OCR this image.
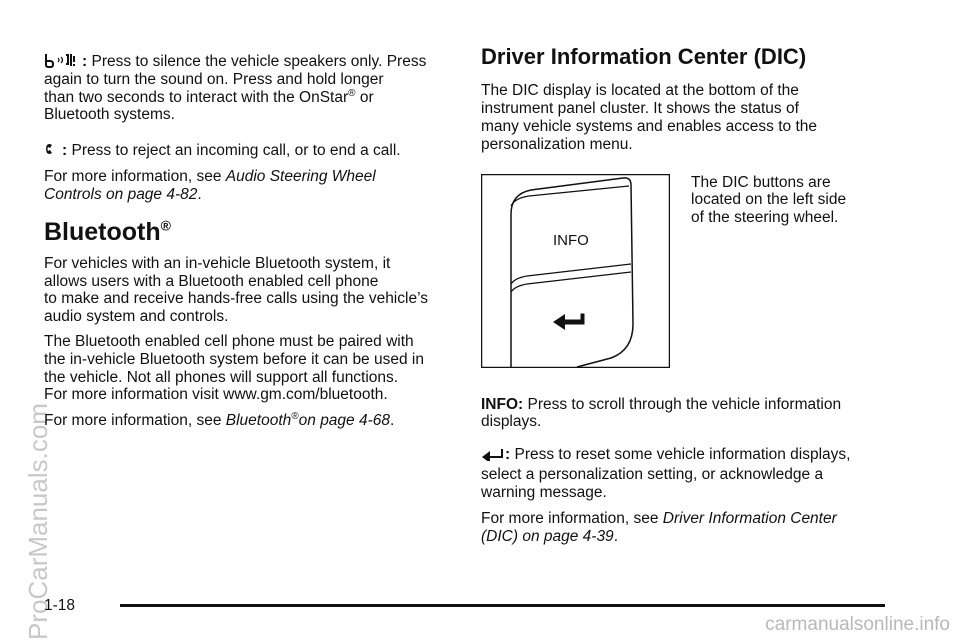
ProCarManuals.com

: Press to silence the vehicle speakers only. Press

again to turn the sound on. Press and hold longer

than two seconds to interact with the OnStar® or

Bluetooth systems.

: Press to reject an incoming call, or to end a call.

For more information, see Audio Steering Wheel

Controls on page 4-82.

Bluetooth®

For vehicles with an in-vehicle Bluetooth system, it

allows users with a Bluetooth enabled cell phone

to make and receive hands-free calls using the vehicle’s

audio system and controls.

The Bluetooth enabled cell phone must be paired with

the in-vehicle Bluetooth system before it can be used in

the vehicle. Not all phones will support all functions.

For more information visit www.gm.com/bluetooth.

For more information, see Bluetooth®on page 4-68.

Driver Information Center (DIC)

The DIC display is located at the bottom of the

instrument panel cluster. It shows the status of

many vehicle systems and enables access to the

personalization menu.

INFO

The DIC buttons are

located on the left side

of the steering wheel.

INFO: Press to scroll through the vehicle information

displays.

: Press to reset some vehicle information displays,

select a personalization setting, or acknowledge a

warning message.

For more information, see Driver Information Center

(DIC) on page 4-39.

1-18
carmanualsonline.info
